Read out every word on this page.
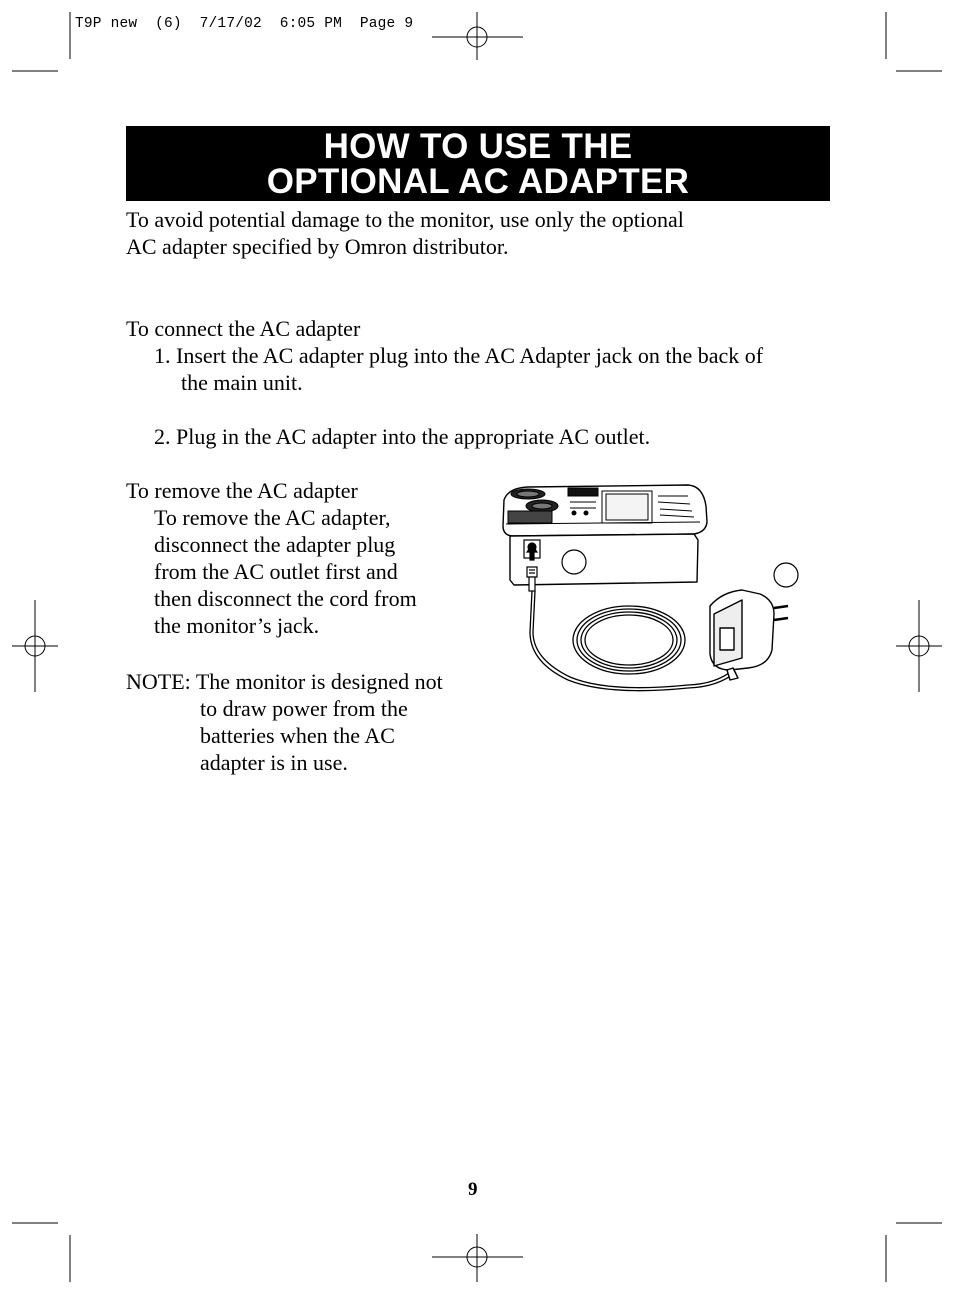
T9P new  (6)  7/17/02  6:05 PM  Page 9
HOW TO USE THE
OPTIONAL AC ADAPTER
To avoid potential damage to the monitor, use only the optional
AC adapter specified by Omron distributor.
To connect the AC adapter
1. Insert the AC adapter plug into the AC Adapter jack on the back of
the main unit.
2. Plug in the AC adapter into the appropriate AC outlet.
To remove the AC adapter
To remove the AC adapter,
disconnect the adapter plug
from the AC outlet first and
then disconnect the cord from
the monitor’s jack.
NOTE: The monitor is designed not
to draw power from the
batteries when the AC
adapter is in use.
9
